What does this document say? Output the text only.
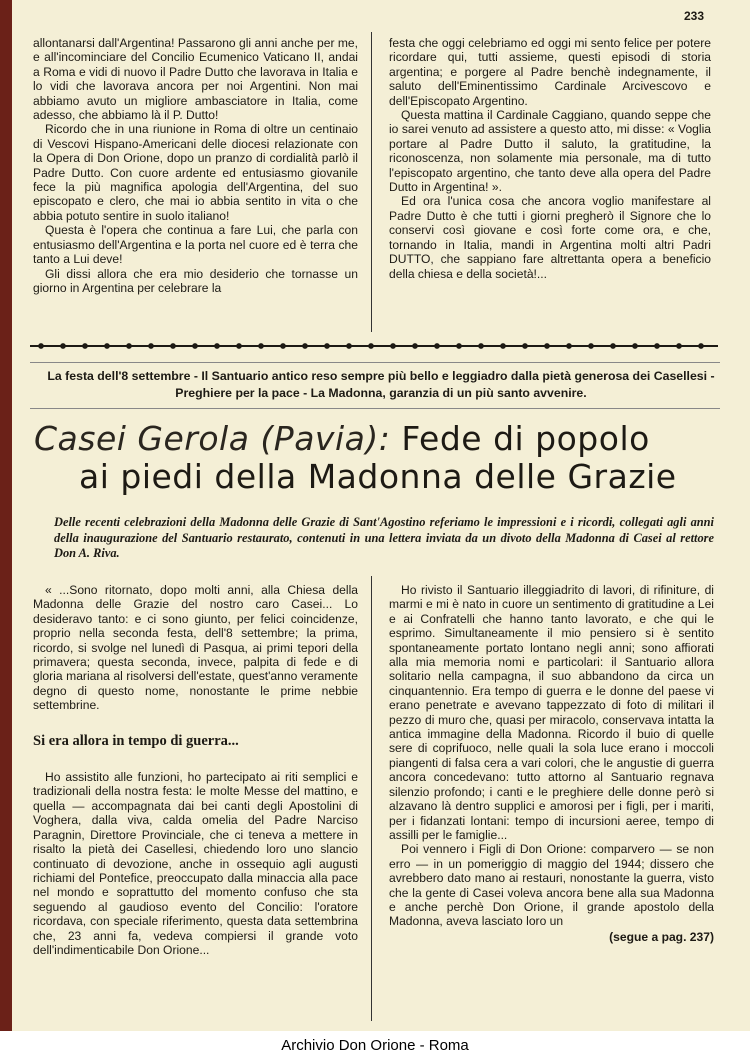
233

allontanarsi dall'Argentina! Passarono gli anni anche per me, e all'incominciare del Concilio Ecumenico Vaticano II, andai a Roma e vidi di nuovo il Padre Dutto che lavorava in Italia e lo vidi che lavorava ancora per noi Argentini. Non mai abbiamo avuto un migliore ambasciatore in Italia, come adesso, che abbiamo là il P. Dutto!

Ricordo che in una riunione in Roma di oltre un centinaio di Vescovi Hispano-Americani delle diocesi relazionate con la Opera di Don Orione, dopo un pranzo di cordialità parlò il Padre Dutto. Con cuore ardente ed entusiasmo giovanile fece la più magnifica apologia dell'Argentina, del suo episcopato e clero, che mai io abbia sentito in vita o che abbia potuto sentire in suolo italiano!

Questa è l'opera che continua a fare Lui, che parla con entusiasmo dell'Argentina e la porta nel cuore ed è terra che tanto a Lui deve!

Gli dissi allora che era mio desiderio che tornasse un giorno in Argentina per celebrare la

festa che oggi celebriamo ed oggi mi sento felice per potere ricordare qui, tutti assieme, questi episodi di storia argentina; e porgere al Padre benchè indegnamente, il saluto dell'Eminentissimo Cardinale Arcivescovo e dell'Episcopato Argentino.

Questa mattina il Cardinale Caggiano, quando seppe che io sarei venuto ad assistere a questo atto, mi disse: « Voglia portare al Padre Dutto il saluto, la gratitudine, la riconoscenza, non solamente mia personale, ma di tutto l'episcopato argentino, che tanto deve alla opera del Padre Dutto in Argentina! ».

Ed ora l'unica cosa che ancora voglio manifestare al Padre Dutto è che tutti i giorni pregherò il Signore che lo conservi così giovane e così forte come ora, e che, tornando in Italia, mandi in Argentina molti altri Padri DUTTO, che sappiano fare altrettanta opera a beneficio della chiesa e della società!...

La festa dell'8 settembre - Il Santuario antico reso sempre più bello e leggiadro dalla pietà generosa dei Casellesi - Preghiere per la pace - La Madonna, garanzia di un più santo avvenire.
Casei Gerola (Pavia): Fede di popolo
ai piedi della Madonna delle Grazie
Delle recenti celebrazioni della Madonna delle Grazie di Sant'Agostino referiamo le impressioni e i ricordi, collegati agli anni della inaugurazione del Santuario restaurato, contenuti in una lettera inviata da un divoto della Madonna di Casei al rettore Don A. Riva.

« ...Sono ritornato, dopo molti anni, alla Chiesa della Madonna delle Grazie del nostro caro Casei... Lo desideravo tanto: e ci sono giunto, per felici coincidenze, proprio nella seconda festa, dell'8 settembre; la prima, ricordo, si svolge nel lunedì di Pasqua, ai primi tepori della primavera; questa seconda, invece, palpita di fede e di gloria mariana al risolversi dell'estate, quest'anno veramente degno di questo nome, nonostante le prime nebbie settembrine.

Si era allora in tempo di guerra...

Ho assistito alle funzioni, ho partecipato ai riti semplici e tradizionali della nostra festa: le molte Messe del mattino, e quella — accompagnata dai bei canti degli Apostolini di Voghera, dalla viva, calda omelia del Padre Narciso Paragnin, Direttore Provinciale, che ci teneva a mettere in risalto la pietà dei Casellesi, chiedendo loro uno slancio continuato di devozione, anche in ossequio agli augusti richiami del Pontefice, preoccupato dalla minaccia alla pace nel mondo e soprattutto del momento confuso che sta seguendo al gaudioso evento del Concilio: l'oratore ricordava, con speciale riferimento, questa data settembrina che, 23 anni fa, vedeva compiersi il grande voto dell'indimenticabile Don Orione...

Ho rivisto il Santuario illeggiadrito di lavori, di rifiniture, di marmi e mi è nato in cuore un sentimento di gratitudine a Lei e ai Confratelli che hanno tanto lavorato, e che qui le esprimo. Simultaneamente il mio pensiero si è sentito spontaneamente portato lontano negli anni; sono affiorati alla mia memoria nomi e particolari: il Santuario allora solitario nella campagna, il suo abbandono da circa un cinquantennio. Era tempo di guerra e le donne del paese vi erano penetrate e avevano tappezzato di foto di militari il pezzo di muro che, quasi per miracolo, conservava intatta la antica immagine della Madonna. Ricordo il buio di quelle sere di coprifuoco, nelle quali la sola luce erano i moccoli piangenti di falsa cera a vari colori, che le angustie di guerra ancora concedevano: tutto attorno al Santuario regnava silenzio profondo; i canti e le preghiere delle donne però si alzavano là dentro supplici e amorosi per i figli, per i mariti, per i fidanzati lontani: tempo di incursioni aeree, tempo di assilli per le famiglie...

Poi vennero i Figli di Don Orione: comparvero — se non erro — in un pomeriggio di maggio del 1944; dissero che avrebbero dato mano ai restauri, nonostante la guerra, visto che la gente di Casei voleva ancora bene alla sua Madonna e anche perchè Don Orione, il grande apostolo della Madonna, aveva lasciato loro un

(segue a pag. 237)

Archivio Don Orione - Roma
